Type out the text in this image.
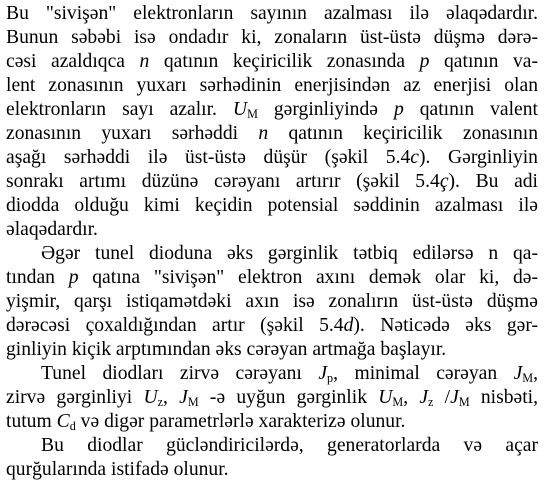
Bu "sivişən" elektronların sayının azalması ilə əlaqədardır.

Bunun səbəbi isə ondadır ki, zonaların üst-üstə düşmə dərə-

cəsi azaldıqca n qatının keçiricilik zonasında p qatının va-

lent zonasının yuxarı sərhədinin enerjisindən az enerjisi olan

elektronların sayı azalır. $U_M$ gərginliyində p qatının valent

zonasının yuxarı sərhəddi n qatının keçiricilik zonasının

aşağı sərhəddi ilə üst-üstə düşür (şəkil 5.4c). Gərginliyin

sonrakı artımı düzünə cərəyanı artırır (şəkil 5.4ç). Bu adi

diodda olduğu kimi keçidin potensial səddinin azalması ilə

əlaqədardır.

Əgər tunel dioduna əks gərginlik tətbiq edilərsə n qa-

tından p qatına "sivişən" elektron axını demək olar ki, də-

yişmir, qarşı istiqamətdəki axın isə zonalırın üst-üstə düşmə

dərəcəsi çoxaldığından artır (şəkil 5.4d). Nəticədə əks gər-

ginliyin kiçik arptımından əks cərəyan artmağa başlayır.

Tunel diodları zirvə cərəyanı $J_p$, minimal cərəyan $J_M$,

zirvə gərginliyi $U_z$, $J_M$ -ə uyğun gərginlik $U_M$, $J_z$ $/J_M$ nisbəti,

tutum $C_d$ və digər parametrlərlə xarakterizə olunur.

Bu diodlar gücləndiricilərdə, generatorlarda və açar

qurğularında istifadə olunur.
